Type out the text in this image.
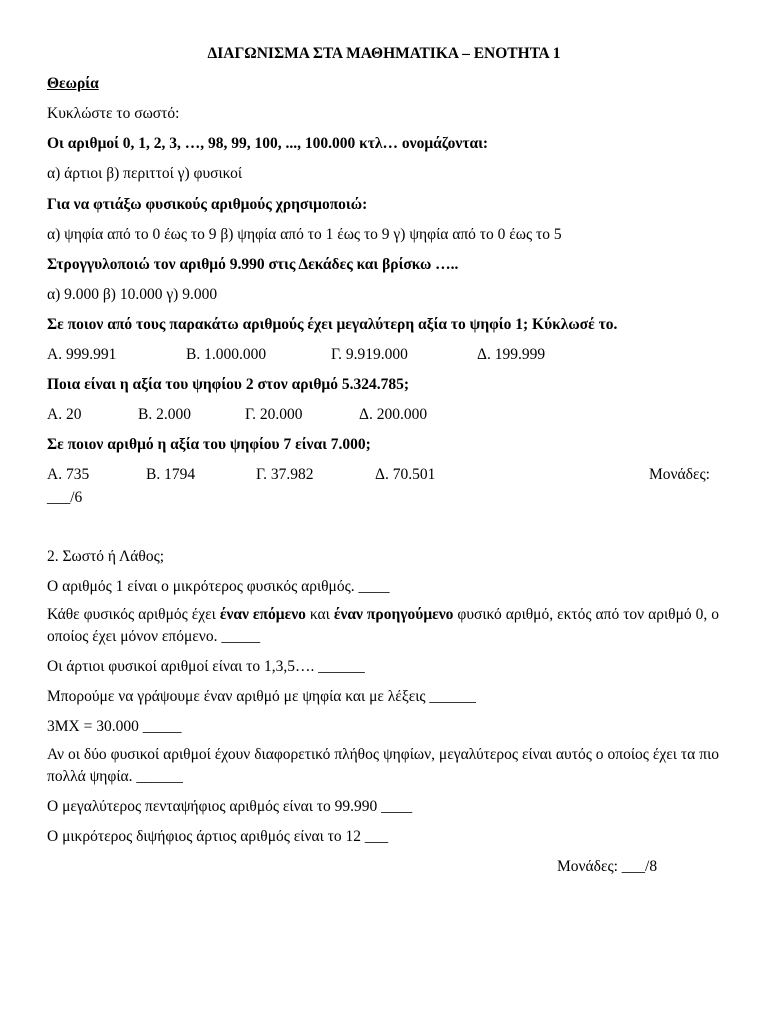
ΔΙΑΓΩΝΙΣΜΑ ΣΤΑ ΜΑΘΗΜΑΤΙΚΑ – ΕΝΟΤΗΤΑ 1
Θεωρία
Κυκλώστε το σωστό:
Οι αριθμοί 0, 1, 2, 3, …, 98, 99, 100, ..., 100.000 κτλ… ονομάζονται:
α) άρτιοι β) περιττοί γ) φυσικοί
Για να φτιάξω φυσικούς αριθμούς χρησιμοποιώ:
α) ψηφία από το 0 έως το 9 β) ψηφία από το 1 έως το 9 γ) ψηφία από το 0 έως το 5
Στρογγυλοποιώ τον αριθμό 9.990 στις Δεκάδες και βρίσκω …..
α) 9.000 β) 10.000 γ) 9.000
Σε ποιον από τους παρακάτω αριθμούς έχει μεγαλύτερη αξία το ψηφίο 1; Κύκλωσέ το.
Α. 999.991	Β. 1.000.000	Γ. 9.919.000	Δ. 199.999
Ποια είναι η αξία του ψηφίου 2 στον αριθμό 5.324.785;
Α. 20	Β. 2.000	Γ. 20.000	Δ. 200.000
Σε ποιον αριθμό η αξία του ψηφίου 7 είναι 7.000;
Α. 735	Β. 1794	Γ. 37.982	Δ. 70.501	Μονάδες:
___/6
2. Σωστό ή Λάθος;
Ο αριθμός 1 είναι ο μικρότερος φυσικός αριθμός. ____
Κάθε φυσικός αριθμός έχει έναν επόμενο και έναν προηγούμενο φυσικό αριθμό, εκτός από τον αριθμό 0, ο οποίος έχει μόνον επόμενο. _____
Οι άρτιοι φυσικοί αριθμοί είναι το 1,3,5…. ______
Μπορούμε να γράψουμε έναν αριθμό με ψηφία και με λέξεις ______
3ΜΧ = 30.000 _____
Αν οι δύο φυσικοί αριθμοί έχουν διαφορετικό πλήθος ψηφίων, μεγαλύτερος είναι αυτός ο οποίος έχει τα πιο πολλά ψηφία. ______
Ο μεγαλύτερος πενταψήφιος αριθμός είναι το 99.990 ____
Ο μικρότερος διψήφιος άρτιος αριθμός είναι το 12 ___
Μονάδες: ___/8
